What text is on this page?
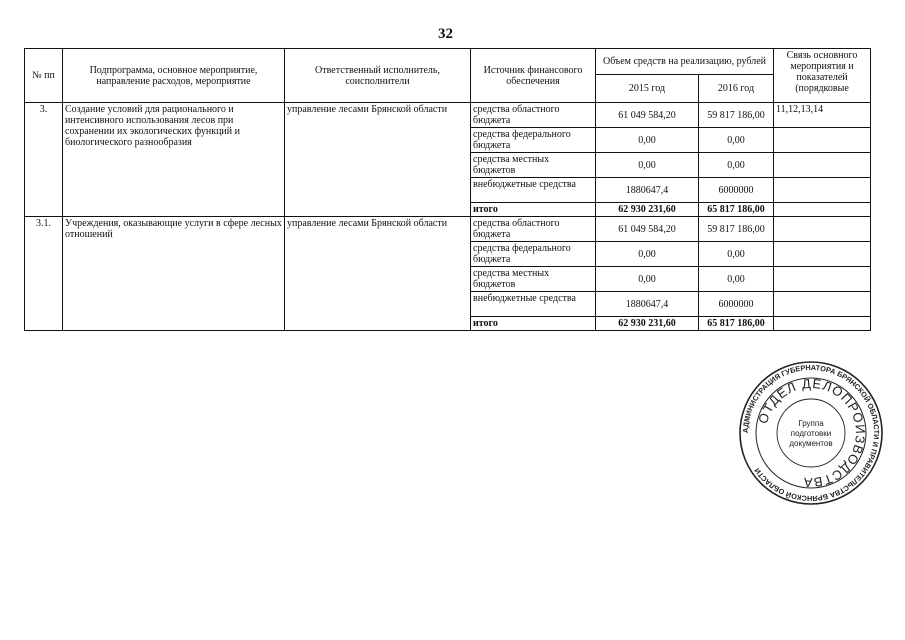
32
№ пп	Подпрограмма, основное мероприятие, направление расходов, мероприятие	Ответственный исполнитель, соисполнители	Источник финансового обеспечения	Объем средств на реализацию, рублей		Связь основного мероприятия и показателей (порядковые

				2015 год	2016 год	
3.	Создание условий для рационального и интенсивного использования лесов при сохранении их экологических функций и биологического разнообразия	управление лесами Брянской области	средства областного бюджета	61 049 584,20	59 817 186,00	11,12,13,14
			средства федерального бюджета	0,00	0,00	
			средства местных бюджетов	0,00	0,00	
			внебюджетные средства	1880647,4	6000000	
			итого	62 930 231,60	65 817 186,00	
3.1.	Учреждения, оказывающие услуги в сфере лесных отношений	управление лесами Брянской области	средства областного бюджета	61 049 584,20	59 817 186,00	
			средства федерального бюджета	0,00	0,00	
			средства местных бюджетов	0,00	0,00	
			внебюджетные средства	1880647,4	6000000	
			итого	62 930 231,60	65 817 186,00	
АДМИНИСТРАЦИЯ ГУБЕРНАТОРА БРЯНСКОЙ ОБЛАСТИ И ПРАВИТЕЛЬСТВА БРЯНСКОЙ ОБЛАСТИ
ОТДЕЛ ДЕЛОПРОИЗВОДСТВА
Группа
подготовки
документов
